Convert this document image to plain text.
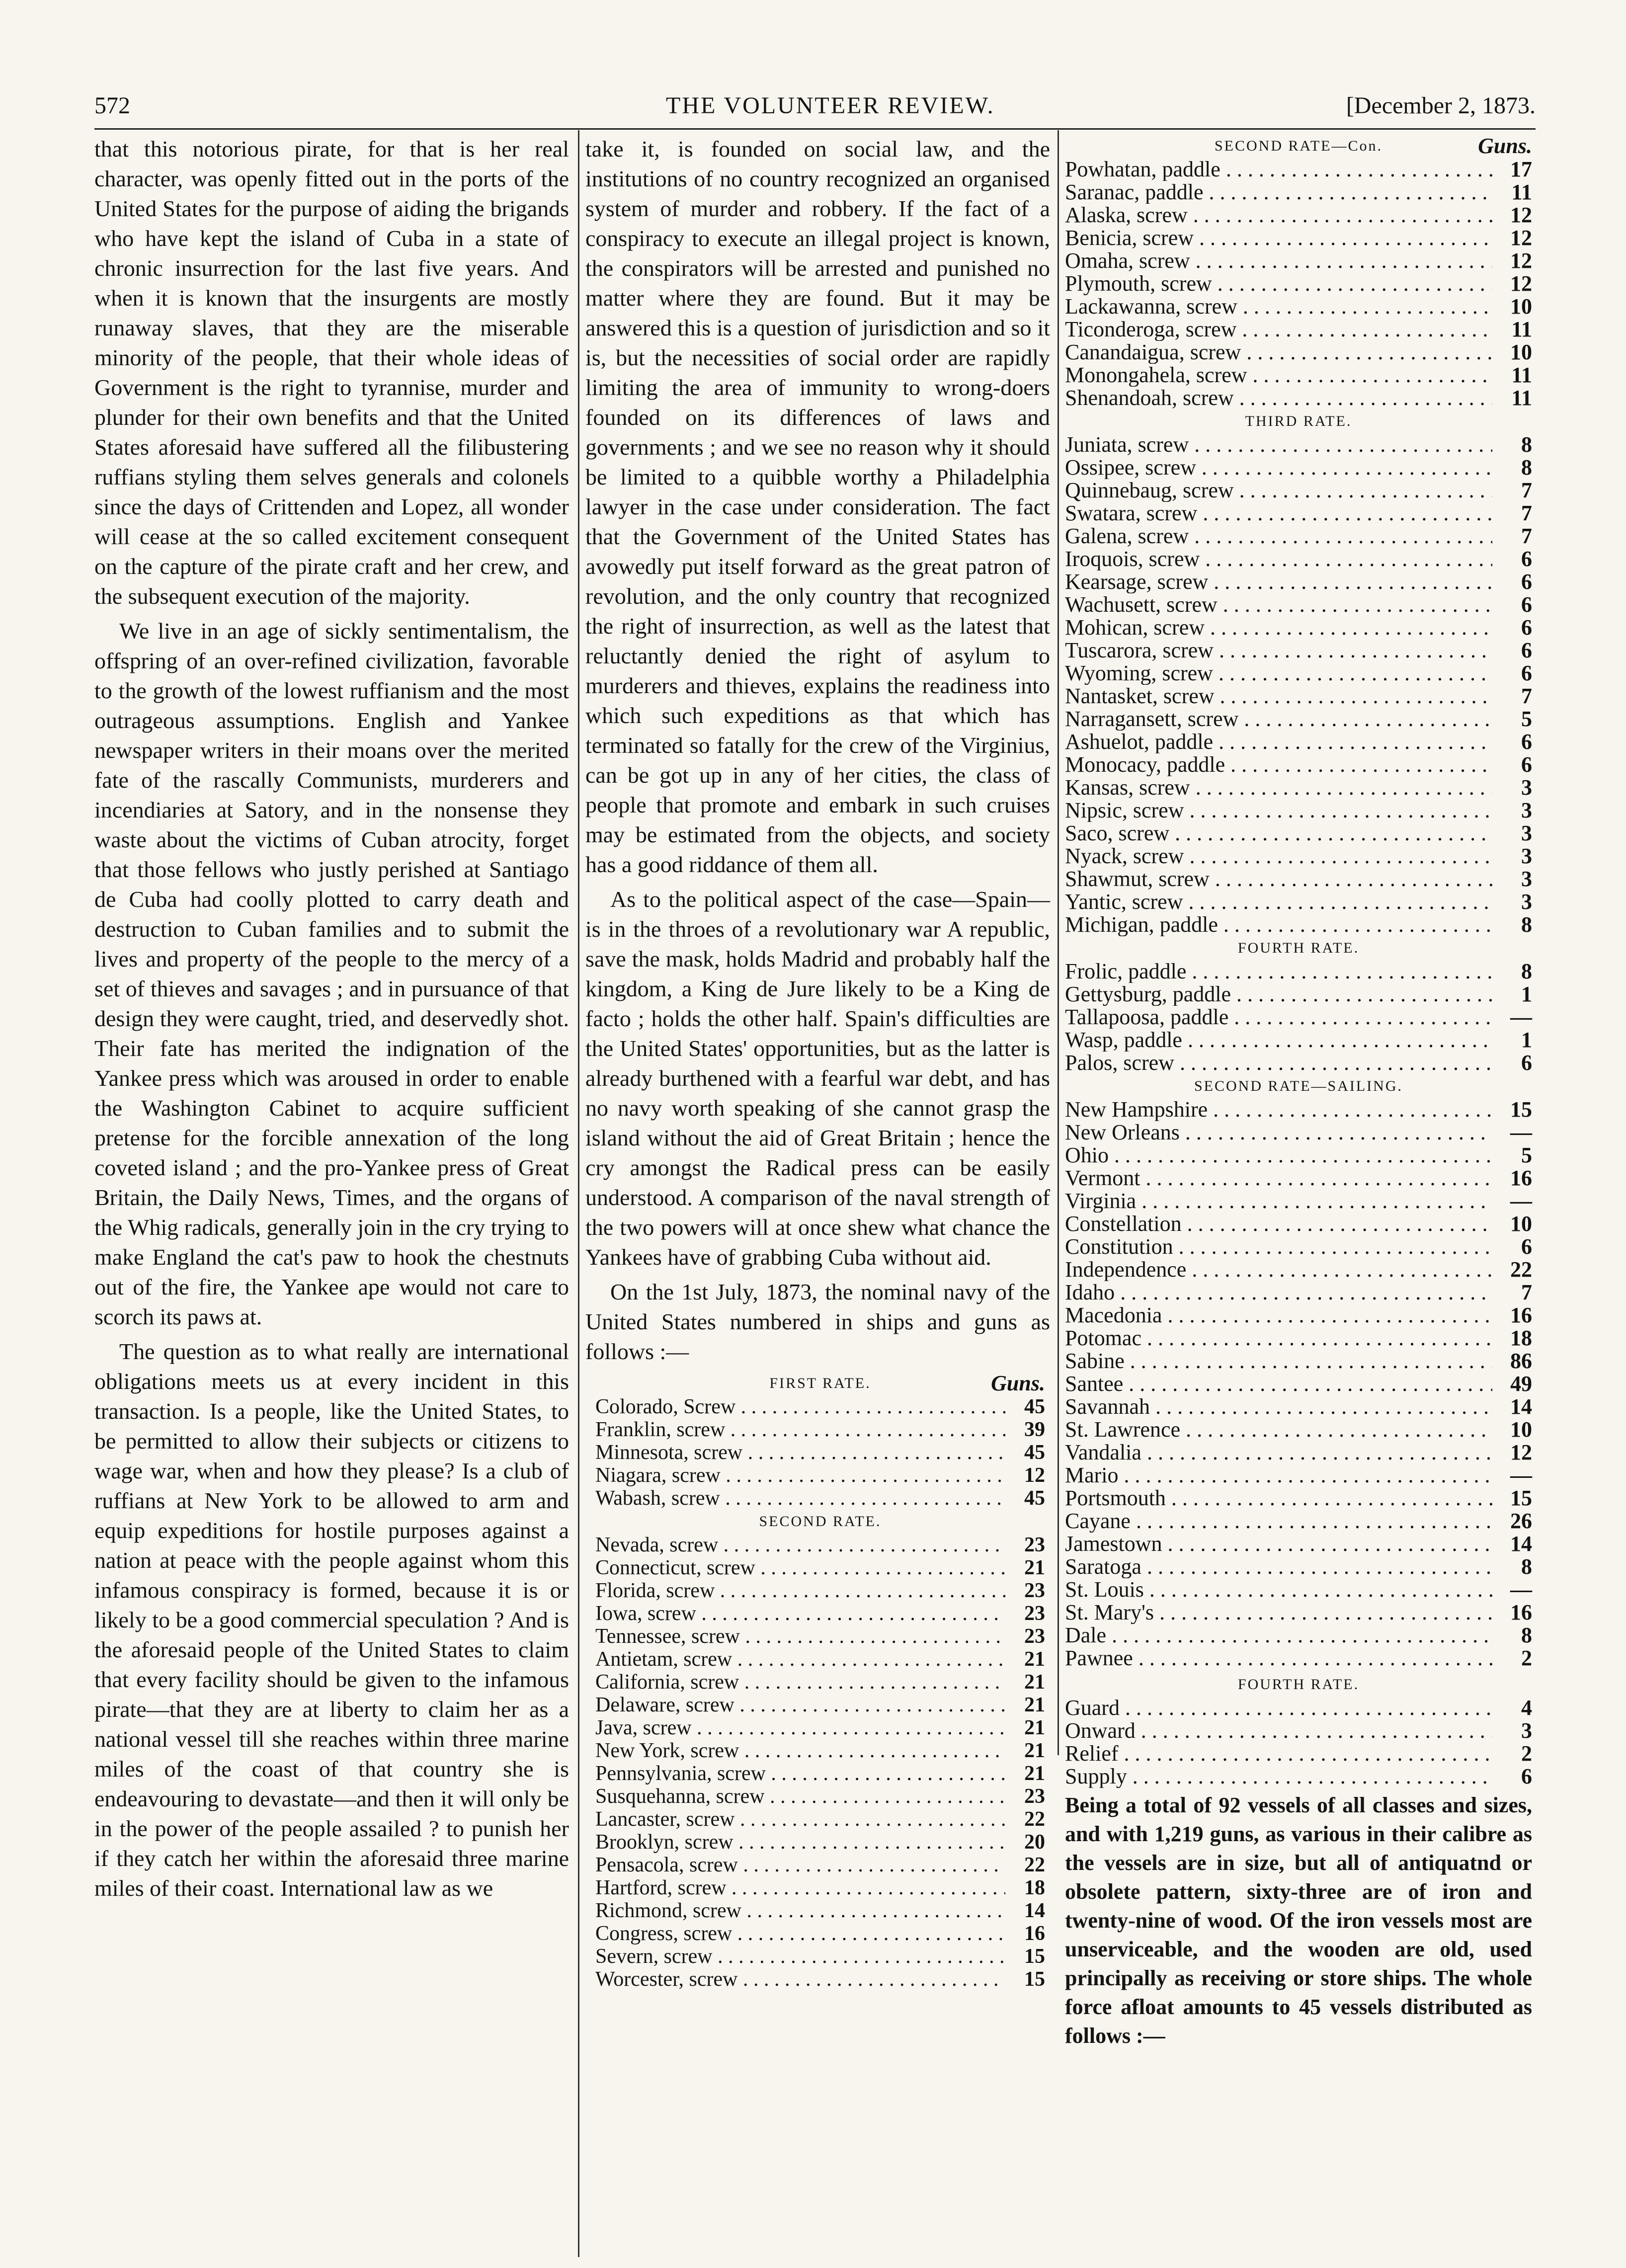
572	THE VOLUNTEER REVIEW.	[December 2, 1873.

that this notorious pirate, for that is her real character, was openly fitted out in the ports of the United States for the purpose of aiding the brigands who have kept the island of Cuba in a state of chronic insurrection for the last five years. And when it is known that the insurgents are mostly runaway slaves, that they are the miserable minority of the people, that their whole ideas of Government is the right to tyrannise, murder and plunder for their own benefits and that the United States aforesaid have suffered all the filibustering ruffians styling them selves generals and colonels since the days of Crittenden and Lopez, all wonder will cease at the so called excitement consequent on the capture of the pirate craft and her crew, and the subsequent execution of the majority.

We live in an age of sickly sentimentalism, the offspring of an over-refined civilization, favorable to the growth of the lowest ruffianism and the most outrageous assumptions. English and Yankee newspaper writers in their moans over the merited fate of the rascally Communists, murderers and incendiaries at Satory, and in the nonsense they waste about the victims of Cuban atrocity, forget that those fellows who justly perished at Santiago de Cuba had coolly plotted to carry death and destruction to Cuban families and to submit the lives and property of the people to the mercy of a set of thieves and savages ; and in pursuance of that design they were caught, tried, and deservedly shot. Their fate has merited the indignation of the Yankee press which was aroused in order to enable the Washington Cabinet to acquire sufficient pretense for the forcible annexation of the long coveted island ; and the pro-Yankee press of Great Britain, the Daily News, Times, and the organs of the Whig radicals, generally join in the cry trying to make England the cat's paw to hook the chestnuts out of the fire, the Yankee ape would not care to scorch its paws at.

The question as to what really are international obligations meets us at every incident in this transaction. Is a people, like the United States, to be permitted to allow their subjects or citizens to wage war, when and how they please? Is a club of ruffians at New York to be allowed to arm and equip expeditions for hostile purposes against a nation at peace with the people against whom this infamous conspiracy is formed, because it is or likely to be a good commercial speculation ? And is the aforesaid people of the United States to claim that every facility should be given to the infamous pirate—that they are at liberty to claim her as a national vessel till she reaches within three marine miles of the coast of that country she is endeavouring to devastate—and then it will only be in the power of the people assailed ? to punish her if they catch her within the aforesaid three marine miles of their coast. International law as we

take it, is founded on social law, and the institutions of no country recognized an organised system of murder and robbery. If the fact of a conspiracy to execute an illegal project is known, the conspirators will be arrested and punished no matter where they are found. But it may be answered this is a question of jurisdiction and so it is, but the necessities of social order are rapidly limiting the area of immunity to wrong-doers founded on its differences of laws and governments ; and we see no reason why it should be limited to a quibble worthy a Philadelphia lawyer in the case under consideration. The fact that the Government of the United States has avowedly put itself forward as the great patron of revolution, and the only country that recognized the right of insurrection, as well as the latest that reluctantly denied the right of asylum to murderers and thieves, explains the readiness into which such expeditions as that which has terminated so fatally for the crew of the Virginius, can be got up in any of her cities, the class of people that promote and embark in such cruises may be estimated from the objects, and society has a good riddance of them all.

As to the political aspect of the case—Spain—is in the throes of a revolutionary war A republic, save the mask, holds Madrid and probably half the kingdom, a King de Jure likely to be a King de facto ; holds the other half. Spain's difficulties are the United States' opportunities, but as the latter is already burthened with a fearful war debt, and has no navy worth speaking of she cannot grasp the island without the aid of Great Britain ; hence the cry amongst the Radical press can be easily understood. A comparison of the naval strength of the two powers will at once shew what chance the Yankees have of grabbing Cuba without aid.

On the 1st July, 1873, the nominal navy of the United States numbered in ships and guns as follows :—

FIRST RATE.	Guns.
Colorado, Screw . . .	45
Franklin, screw . . .	39
Minnesota, screw . . .	45
Niagara, screw . . .	12
Wabash, screw . . .	45
SECOND RATE.
Nevada, screw . . .	23
Connecticut, screw . . .	21
Florida, screw . . .	23
Iowa, screw . . .	23
Tennessee, screw . . .	23
Antietam, screw . . .	21
California, screw . . .	21
Delaware, screw . . .	21
Java, screw . . .	21
New York, screw . . .	21
Pennsylvania, screw . . .	21
Susquehanna, screw . . .	23
Lancaster, screw . . .	22
Brooklyn, screw . . .	20
Pensacola, screw . . .	22
Hartford, screw . . .	18
Richmond, screw . . .	14
Congress, screw . . .	16
Severn, screw . . .	15
Worcester, screw . . .	15
SECOND RATE—Con.	Guns.
Powhatan, paddle . . .	17
Saranac, paddle . . .	11
Alaska, screw . . .	12
Benicia, screw . . .	12
Omaha, screw . . .	12
Plymouth, screw . . .	12
Lackawanna, screw . . .	10
Ticonderoga, screw . . .	11
Canandaigua, screw . . .	10
Monongahela, screw . . .	11
Shenandoah, screw . . .	11
THIRD RATE.
Juniata, screw . . .	8
Ossipee, screw . . .	8
Quinnebaug, screw . . .	7
Swatara, screw . . .	7
Galena, screw . . .	7
Iroquois, screw . . .	6
Kearsage, screw . . .	6
Wachusett, screw . . .	6
Mohican, screw . . .	6
Tuscarora, screw . . .	6
Wyoming, screw . . .	6
Nantasket, screw . . .	7
Narragansett, screw . . .	5
Ashuelot, paddle . . .	6
Monocacy, paddle . . .	6
Kansas, screw . . .	3
Nipsic, screw . . .	3
Saco, screw . . .	3
Nyack, screw . . .	3
Shawmut, screw . . .	3
Yantic, screw . . .	3
Michigan, paddle . . .	8
FOURTH RATE.
Frolic, paddle . . .	8
Gettysburg, paddle . . .	1
Tallapoosa, paddle . . .	—
Wasp, paddle . . .	1
Palos, screw . . .	6
SECOND RATE—SAILING.
New Hampshire . . .	15
New Orleans . . .	—
Ohio . . .	5
Vermont . . .	16
Virginia . . .	—
Constellation . . .	10
Constitution . . .	6
Independence . . .	22
Idaho . . .	7
Macedonia . . .	16
Potomac . . .	18
Sabine . . .	86
Santee . . .	49
Savannah . . .	14
St. Lawrence . . .	10
Vandalia . . .	12
Mario . . .	—
Portsmouth . . .	15
Cayane . . .	26
Jamestown . . .	14
Saratoga . . .	8
St. Louis . . .	—
St. Mary's . . .	16
Dale . . .	8
Pawnee . . .	2
FOURTH RATE.
Guard . . .	4
Onward . . .	3
Relief . . .	2
Supply . . .	6

Being a total of 92 vessels of all classes and sizes, and with 1,219 guns, as various in their calibre as the vessels are in size, but all of antiquatnd or obsolete pattern, sixty-three are of iron and twenty-nine of wood. Of the iron vessels most are unserviceable, and the wooden are old, used principally as receiving or store ships. The whole force afloat amounts to 45 vessels distributed as follows :—
